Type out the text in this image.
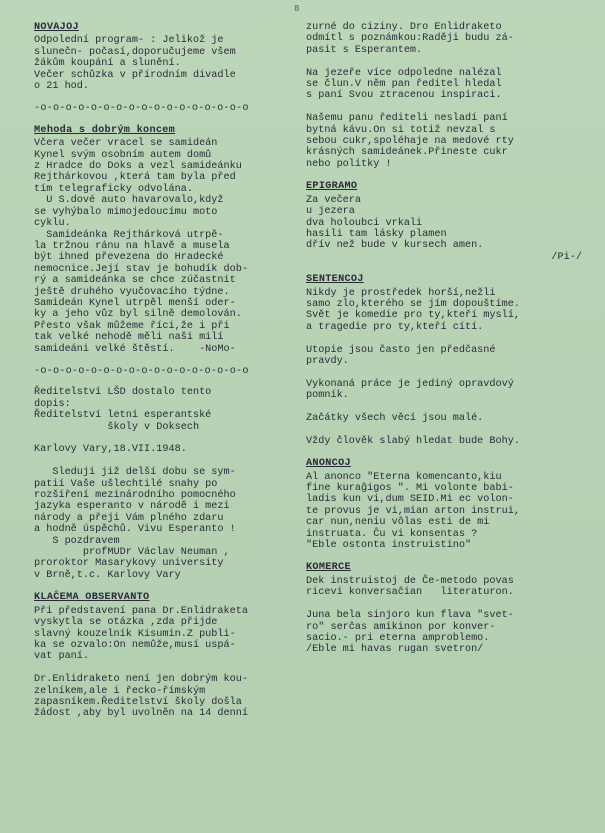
8
NOVAJOJ
Odpolední program- : Jelikož je
slunečn- počasí,doporučujeme všem
žákům koupání a slunění.
Večer schůzka v přírodním divadle
o 21 hod.
-o-o-o-o-o-o-o-o-o-o-o-o-o-o-o-o-o
Mehoda s dobrým koncem
Včera večer vracel se samideán
Kynel svým osobním autem domů
z Hradce do Doks a vezl samideánku
Rejthárkovou ,která tam byla před
tím telegraficky odvolána.
U S.dové auto havarovalo,když
se vyhýbalo mimojedoucímu moto
cyklu.
Samideánka Rejthárková utrpě-
la tržnou ránu na hlavě a musela
být ihned převezena do Hradecké
nemocnice.Její stav je bohudík dob-
rý a samideánka se chce zúčastnit
ještě druhého vyučovacího týdne.
Samideán Kynel utrpěl menší oder-
ky a jeho vůz byl silně demolován.
Přesto však můžeme říci,že i při
tak velké nehodě měli naši milí
samideáni velké štěstí.    -NoMo-
-o-o-o-o-o-o-o-o-o-o-o-o-o-o-o-o-o
Ředitelství LŠD dostalo tento
dopis:
Ředitelství letní esperantské
školy v Doksech

Karlovy Vary,18.VII.1948.

Sleduji již delší dobu se sym-
patií Vaše ušlechtilé snahy po
rozšíření mezinárodního pomocného
jazyka esperanto v národě i mezi
národy a přeji Vám plného zdaru
a hodně úspěchů. Vivu Esperanto !
S pozdravem
profMUDr Václav Neuman ,
proroktor Masarykovy university
v Brně,t.c. Karlovy Vary
KLAĈEMA OBSERVANTO
Při představení pana Dr.Enlidraketa
vyskytla se otázka ,zda přijde
slavný kouzelník Kisumin.Z publi-
ka se ozvalo:On nemůže,musí uspá-
vat paní.

Dr.Enlidraketo není jen dobrým kou-
zelníkem,ale i řecko-římským
zapasníkem.Ředitelství školy došla
žádost ,aby byl uvolněn na 14 denní
zurné do ciziny. Dro Enlidraketo
odmítl s poznámkou:Raději budu zá-
pasit s Esperantem.

Na jezeře více odpoledne nalézal
se člun.V něm pan ředitel hledal
s paní Svou ztracenou inspiraci.

Našemu panu řediteli nesladí paní
bytná kávu.On si totiž nevzal s
sebou cukr,spoléhaje na medové rty
krásných samideánek.Přineste cukr
nebo politky !
EPIGRAMO
Za večera
u jezera
dva holoubci vrkali
hasili tam lásky plamen
dřív než bude v kursech amen.
/Pi-/
SENTENCOJ
Nikdy je prostředek horší,nežli
samo zlo,kterého se jím dopouštíme.
Svět je komedie pro ty,kteří myslí,
a tragedie pro ty,kteří cítí.

Utopie jsou často jen předčasné
pravdy.

Vykonaná práce je jediný opravdový
pomník.

Začátky všech věcí jsou malé.

Vždy člověk slabý hledat bude Bohy.
ANONCOJ
Al anonco "Eterna komencanto,kiu
fine kuraĝigos ". Mi volonte babi-
ladis kun vi,dum SEID.Mi ec volon-
te provus je vi,mian arton instrui,
car nun,neniu vôlas esti de mi
instruata. Ĉu vi konsentas ?
"Eble ostonta instruistino"
KOMERCE
Dek instruistoj de Ĉe-metodo povas
ricevi konversaĉian   literaturon.

Juna bela sinjoro kun flava "svet-
ro" serĉas amikinon por konver-
sacio.- pri eterna amproblemo.
/Eble mi havas rugan svetron/
